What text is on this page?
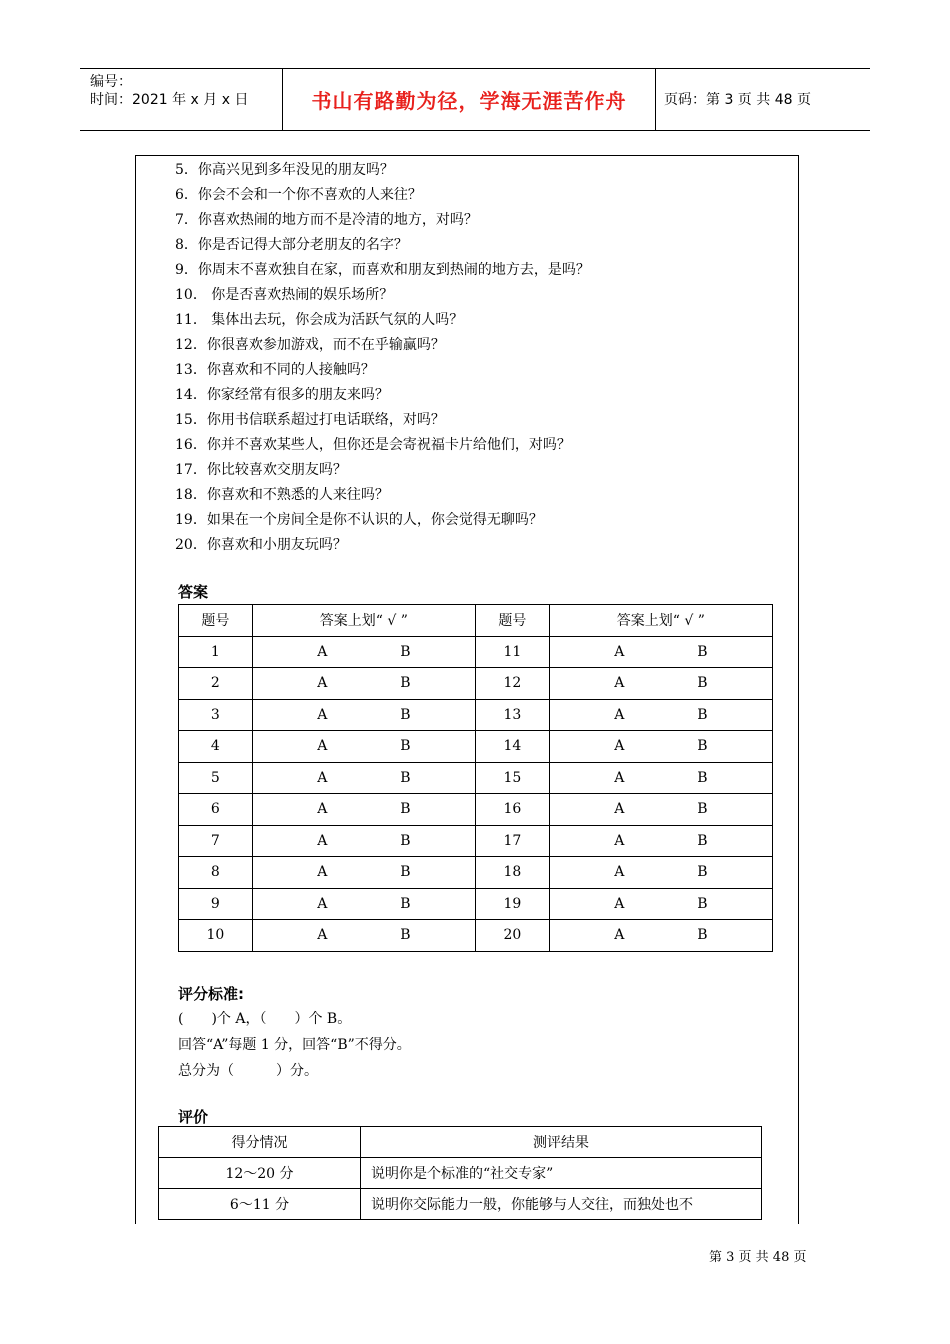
编号：
时间：2021 年 x 月 x 日	书山有路勤为径，学海无涯苦作舟	页码：第 3 页 共 48 页
5．你高兴见到多年没见的朋友吗？
6．你会不会和一个你不喜欢的人来往？
7．你喜欢热闹的地方而不是冷清的地方，对吗？
8．你是否记得大部分老朋友的名字？
9．你周末不喜欢独自在家，而喜欢和朋友到热闹的地方去，是吗？
10． 你是否喜欢热闹的娱乐场所？
11． 集体出去玩，你会成为活跃气氛的人吗？
12．你很喜欢参加游戏，而不在乎输赢吗？
13．你喜欢和不同的人接触吗？
14．你家经常有很多的朋友来吗？
15．你用书信联系超过打电话联络，对吗？
16．你并不喜欢某些人，但你还是会寄祝福卡片给他们，对吗？
17．你比较喜欢交朋友吗？
18．你喜欢和不熟悉的人来往吗？
19．如果在一个房间全是你不认识的人，你会觉得无聊吗？
20．你喜欢和小朋友玩吗？
答案
题号	答案上划“ √ ”	题号	答案上划“ √ ”
1	A B	11	A B
2	A B	12	A B
3	A B	13	A B
4	A B	14	A B
5	A B	15	A B
6	A B	16	A B
7	A B	17	A B
8	A B	18	A B
9	A B	19	A B
10	A B	20	A B
评分标准:
(　　)个 A，（　　）个 B。
回答“A”每题 1 分，回答“B”不得分。
总分为（　　　）分。
评价
得分情况	测评结果
12～20 分	说明你是个标准的“社交专家”
6～11 分	说明你交际能力一般，你能够与人交往，而独处也不
第 3 页 共 48 页
